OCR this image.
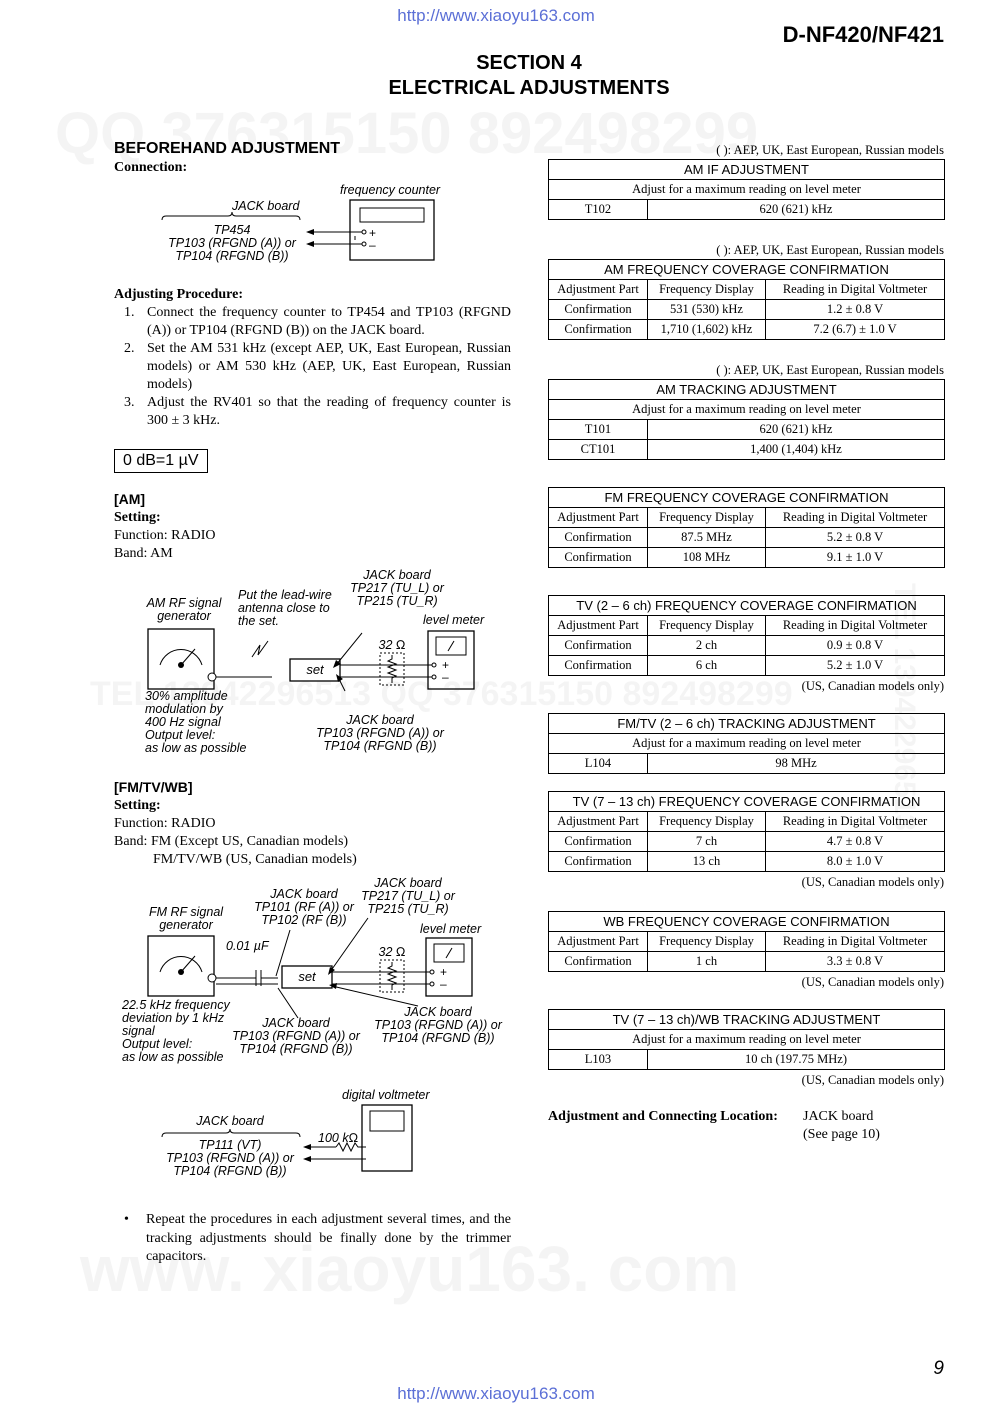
http://www.xiaoyu163.com
D-NF420/NF421
SECTION 4
ELECTRICAL ADJUSTMENTS
BEFOREHAND ADJUSTMENT
Connection:
JACK board
TP454
TP103 (RFGND (A)) or
TP104 (RFGND (B))
frequency counter
+
–
Adjusting Procedure:
1. Connect the frequency counter to TP454 and TP103 (RFGND (A)) or TP104 (RFGND (B)) on the JACK board.
2. Set the AM 531 kHz (except AEP, UK, East European, Russian models) or AM 530 kHz (AEP, UK, East European, Russian models)
3. Adjust the RV401 so that the reading of frequency counter is 300 ± 3 kHz.
0 dB=1 µV
[AM]
Setting:
Function: RADIO
Band: AM
AM RF signal
generator
Put the lead-wire
antenna close to
the set.
JACK board
TP217 (TU_L) or
TP215 (TU_R)
level meter
30% amplitude
modulation by
400 Hz signal
Output level:
as low as possible
JACK board
TP103 (RFGND (A)) or
TP104 (RFGND (B))
set
32 Ω
+
–
[FM/TV/WB]
Setting:
Function: RADIO
Band: FM (Except US, Canadian models)
FM/TV/WB (US, Canadian models)
FM RF signal
generator
0.01 µF
JACK board
TP101 (RF (A)) or
TP102 (RF (B))
JACK board
TP217 (TU_L) or
TP215 (TU_R)
level meter
22.5 kHz frequency
deviation by 1 kHz
signal
Output level:
as low as possible
JACK board
TP103 (RFGND (A)) or
TP104 (RFGND (B))
JACK board
TP103 (RFGND (A)) or
TP104 (RFGND (B))
set
32 Ω
+
–
digital voltmeter
JACK board
TP111 (VT)
TP103 (RFGND (A)) or
TP104 (RFGND (B))
100 kΩ
•	Repeat the procedures in each adjustment several times, and the tracking adjustments should be finally done by the trimmer capacitors.
( ): AEP, UK, East European, Russian models
AM IF ADJUSTMENT
Adjust for a maximum reading on level meter
T102	620 (621) kHz
( ): AEP, UK, East European, Russian models
AM FREQUENCY COVERAGE CONFIRMATION		
Adjustment Part	Frequency Display	Reading in Digital Voltmeter
Confirmation	531 (530) kHz	1.2 ± 0.8 V
Confirmation	1,710 (1,602) kHz	7.2 (6.7) ± 1.0 V
( ): AEP, UK, East European, Russian models
AM TRACKING ADJUSTMENT	
Adjust for a maximum reading on level meter	
T101	620 (621) kHz
CT101	1,400 (1,404) kHz
FM FREQUENCY COVERAGE CONFIRMATION		
Adjustment Part	Frequency Display	Reading in Digital Voltmeter
Confirmation	87.5 MHz	5.2 ± 0.8 V
Confirmation	108 MHz	9.1 ± 1.0 V
TV (2 – 6 ch) FREQUENCY COVERAGE CONFIRMATION		
Adjustment Part	Frequency Display	Reading in Digital Voltmeter
Confirmation	2 ch	0.9 ± 0.8 V
Confirmation	6 ch	5.2 ± 1.0 V
(US, Canadian models only)
FM/TV (2 – 6 ch) TRACKING ADJUSTMENT
Adjust for a maximum reading on level meter
L104	98 MHz
TV (7 – 13 ch) FREQUENCY COVERAGE CONFIRMATION		
Adjustment Part	Frequency Display	Reading in Digital Voltmeter
Confirmation	7 ch	4.7 ± 0.8 V
Confirmation	13 ch	8.0 ± 1.0 V
(US, Canadian models only)
WB FREQUENCY COVERAGE CONFIRMATION		
Adjustment Part	Frequency Display	Reading in Digital Voltmeter
Confirmation	1 ch	3.3 ± 0.8 V
(US, Canadian models only)
TV (7 – 13 ch)/WB TRACKING ADJUSTMENT
Adjust for a maximum reading on level meter
L103	10 ch (197.75 MHz)
(US, Canadian models only)
Adjustment and Connecting Location: JACK board
(See page 10)
9
http://www.xiaoyu163.com
